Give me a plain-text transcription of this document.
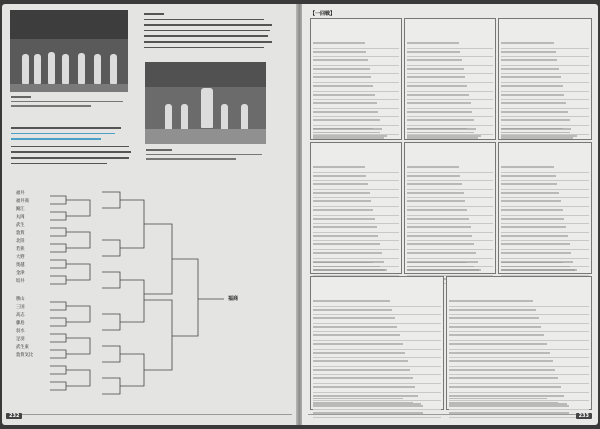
福商
福井
福井商
鯖江
丸岡
武生
敦賀
北陸
若狭
大野
奥越
金津
坂井
勝山
三国
高志
藤島
羽水
足羽
武生東
敦賀気比
232
【一回戦】
233
